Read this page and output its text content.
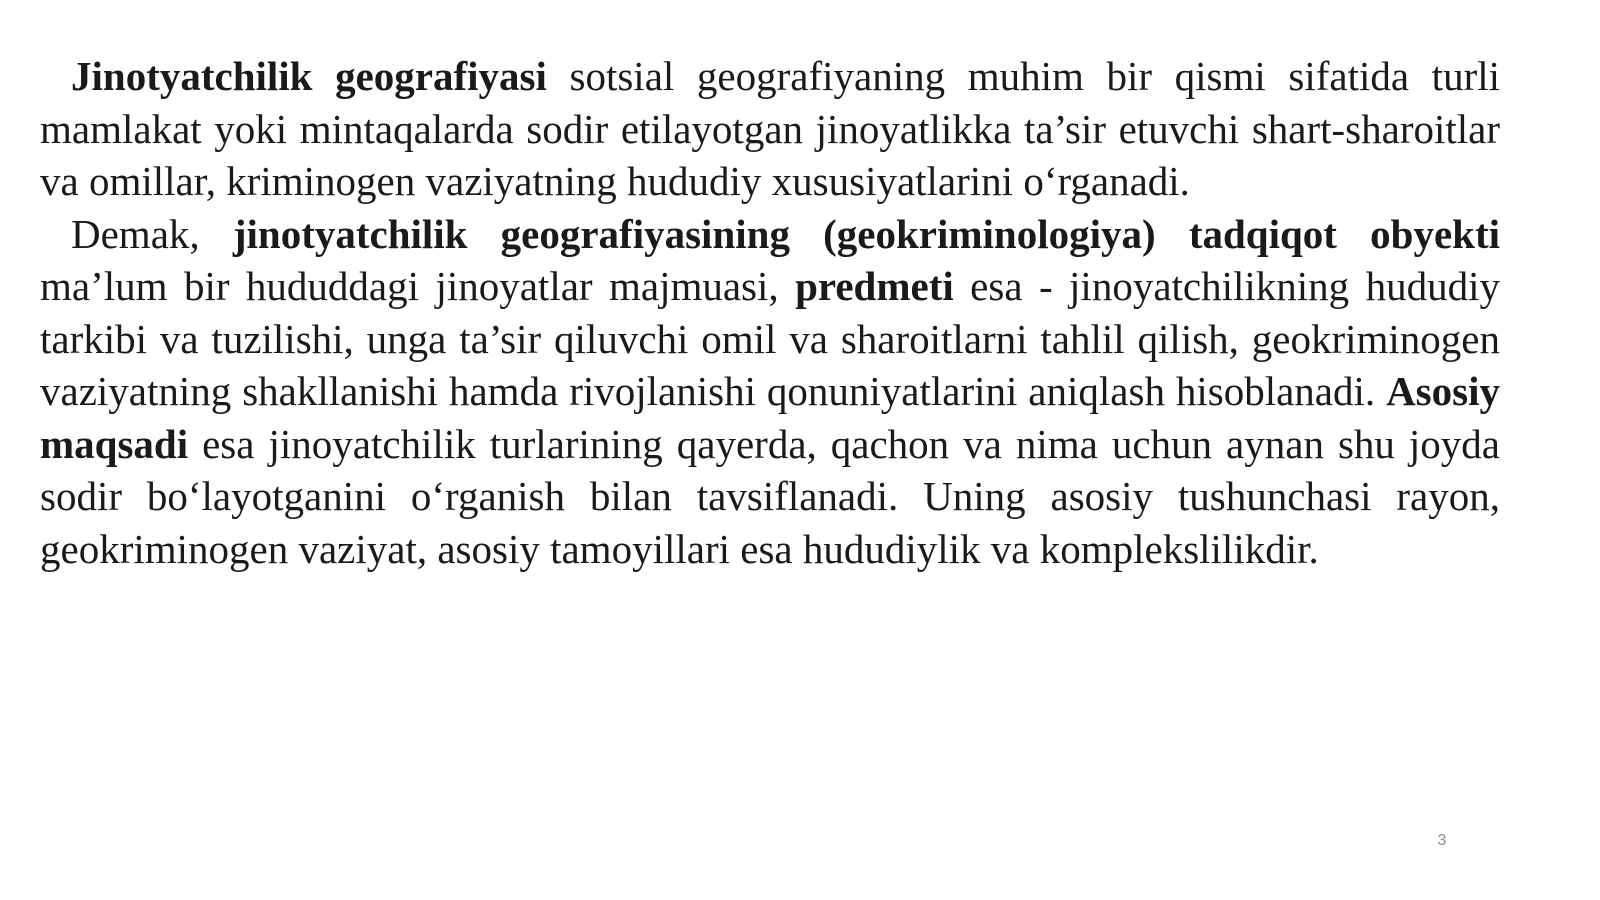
Jinotyatchilik geografiyasi sotsial geografiyaning muhim bir qismi sifatida turli mamlakat yoki mintaqalarda sodir etilayotgan jinoyatlikka ta’sir etuvchi shart-sharoitlar va omillar, kriminogen vaziyatning hududiy xususiyatlarini o‘rganadi.

Demak, jinotyatchilik geografiyasining (geokriminologiya) tadqiqot obyekti ma’lum bir hududdagi jinoyatlar majmuasi, predmeti esa - jinoyatchilikning hududiy tarkibi va tuzilishi, unga ta’sir qiluvchi omil va sharoitlarni tahlil qilish, geokriminogen vaziyatning shakllanishi hamda rivojlanishi qonuniyatlarini aniqlash hisoblanadi. Asosiy maqsadi esa jinoyatchilik turlarining qayerda, qachon va nima uchun aynan shu joyda sodir bo‘layotganini o‘rganish bilan tavsiflanadi. Uning asosiy tushunchasi rayon, geokriminogen vaziyat, asosiy tamoyillari esa hududiylik va komplekslilikdir.

3
